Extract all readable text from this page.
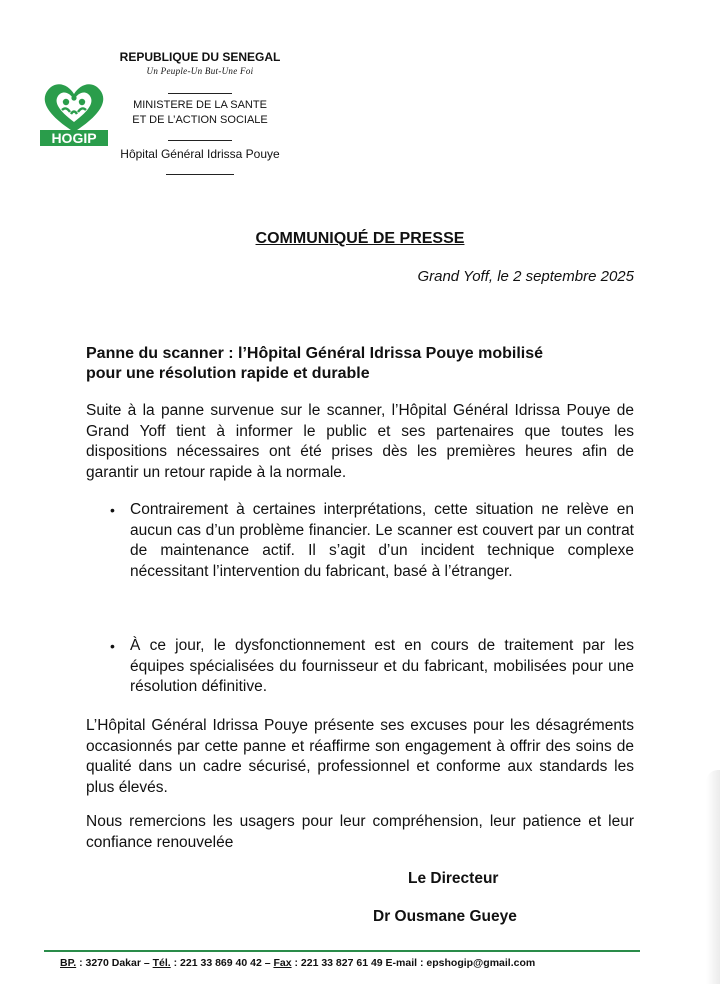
HOGIP
REPUBLIQUE DU SENEGAL
Un Peuple-Un But-Une Foi
MINISTERE DE LA SANTE
ET DE L’ACTION SOCIALE
Hôpital Général Idrissa Pouye
COMMUNIQUÉ DE PRESSE
Grand Yoff, le 2 septembre 2025
Panne du scanner : l’Hôpital Général Idrissa Pouye mobilisé
pour une résolution rapide et durable
Suite à la panne survenue sur le scanner, l’Hôpital Général Idrissa Pouye de Grand Yoff tient à informer le public et ses partenaires que toutes les dispositions nécessaires ont été prises dès les premières heures afin de garantir un retour rapide à la normale.
• Contrairement à certaines interprétations, cette situation ne relève en aucun cas d’un problème financier. Le scanner est couvert par un contrat de maintenance actif. Il s’agit d’un incident technique complexe nécessitant l’intervention du fabricant, basé à l’étranger.
• À ce jour, le dysfonctionnement est en cours de traitement par les équipes spécialisées du fournisseur et du fabricant, mobilisées pour une résolution définitive.
L’Hôpital Général Idrissa Pouye présente ses excuses pour les désagréments occasionnés par cette panne et réaffirme son engagement à offrir des soins de qualité dans un cadre sécurisé, professionnel et conforme aux standards les plus élevés.
Nous remercions les usagers pour leur compréhension, leur patience et leur confiance renouvelée
Le Directeur
Dr Ousmane Gueye
BP. : 3270 Dakar – Tél. : 221 33 869 40 42 – Fax : 221 33 827 61 49 E-mail : epshogip@gmail.com
